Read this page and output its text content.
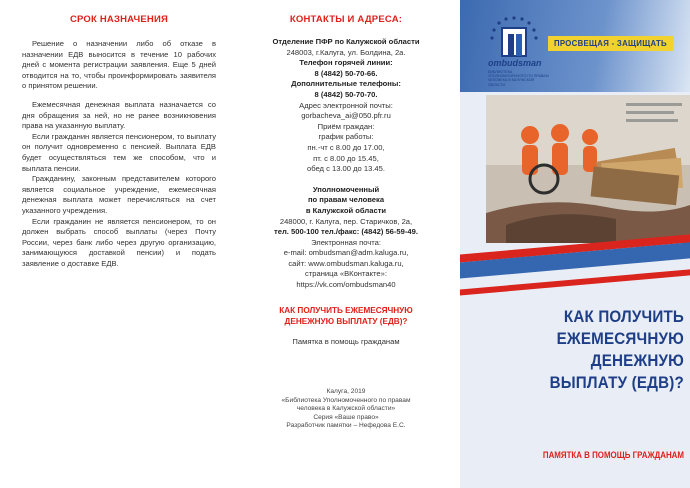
СРОК НАЗНАЧЕНИЯ

Решение о назначении либо об отказе в назначении ЕДВ выносится в течение 10 рабочих дней с момента регистрации заявления. Еще 5 дней отводится на то, чтобы проинформировать заявителя о принятом решении.

Ежемесячная денежная выплата назначается со дня обращения за ней, но не ранее возникновения права на указанную выплату.

Если гражданин является пенсионером, то выплату он получит одновременно с пенсией. Выплата ЕДВ будет осуществляться тем же способом, что и выплата пенсии.

Гражданину, законным представителем которого является социальное учреждение, ежемесячная денежная выплата может перечисляться на счет указанного учреждения.

Если гражданин не является пенсионером, то он должен выбрать способ выплаты (через Почту России, через банк либо через другую организацию, занимающуюся доставкой пенсии) и подать заявление о доставке ЕДВ.

КОНТАКТЫ И АДРЕСА:
Отделение ПФР по Калужской области
248003, г.Калуга, ул. Болдина, 2а.
Телефон горячей линии:
8 (4842) 50-70-66.
Дополнительные телефоны:
8 (4842) 50-70-70.
Адрес электронной почты:
gorbacheva_ai@050.pfr.ru
Приём граждан:
график работы:
пн.-чт с 8.00 до 17.00,
пт. с 8.00 до 15.45,
обед с 13.00 до 13.45.
Уполномоченный
по правам человека
в Калужской области
248000, г. Калуга, пер. Старичков, 2а,
тел. 500-100 тел./факс: (4842) 56-59-49.
Электронная почта:
e-mail: ombudsman@adm.kaluga.ru,
сайт: www.ombudsman.kaluga.ru,
страница «ВКонтакте»:
https://vk.com/ombudsman40
КАК ПОЛУЧИТЬ ЕЖЕМЕСЯЧНУЮ
ДЕНЕЖНУЮ ВЫПЛАТУ (ЕДВ)?
Памятка в помощь гражданам
Калуга, 2019
«Библиотека Уполномоченного по правам
человека в Калужской области»
Серия «Ваше право»
Разработчик памятки – Нефедова Е.С.
ombudsman
БИБЛИОТЕКА УПОЛНОМОЧЕННОГО ПО ПРАВАМ ЧЕЛОВЕКА В КАЛУЖСКОЙ ОБЛАСТИ
ПРОСВЕЩАЯ - ЗАЩИЩАТЬ
КАК ПОЛУЧИТЬ
ЕЖЕМЕСЯЧНУЮ
ДЕНЕЖНУЮ
ВЫПЛАТУ (ЕДВ)?
ПАМЯТКА В ПОМОЩЬ ГРАЖДАНАМ
